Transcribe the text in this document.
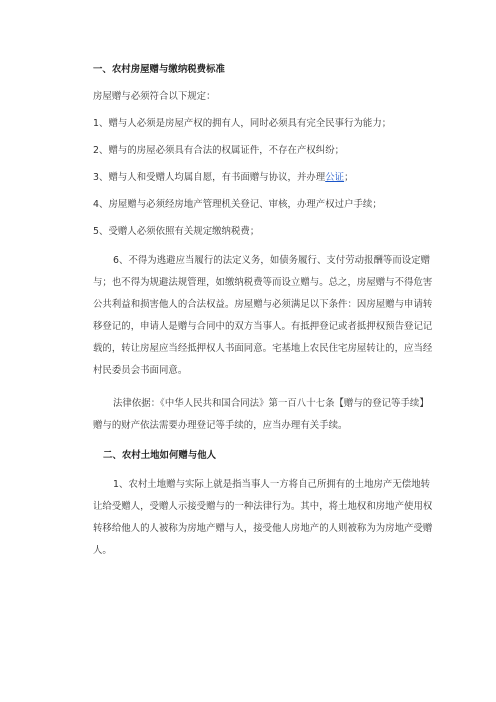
一、农村房屋赠与缴纳税费标准

房屋赠与必须符合以下规定：

1、赠与人必须是房屋产权的拥有人，同时必须具有完全民事行为能力；

2、赠与的房屋必须具有合法的权属证件，不存在产权纠纷；

3、赠与人和受赠人均属自愿，有书面赠与协议，并办理公证；

4、房屋赠与必须经房地产管理机关登记、审核，办理产权过户手续；

5、受赠人必须依照有关规定缴纳税费；

6、不得为逃避应当履行的法定义务，如债务履行、支付劳动报酬等而设定赠与；也不得为规避法规管理，如缴纳税费等而设立赠与。总之，房屋赠与不得危害公共利益和损害他人的合法权益。房屋赠与必须满足以下条件：因房屋赠与申请转移登记的，申请人是赠与合同中的双方当事人。有抵押登记或者抵押权预告登记记载的，转让房屋应当经抵押权人书面同意。宅基地上农民住宅房屋转让的，应当经村民委员会书面同意。

法律依据：《中华人民共和国合同法》第一百八十七条【赠与的登记等手续】赠与的财产依法需要办理登记等手续的，应当办理有关手续。

二、农村土地如何赠与他人

1、农村土地赠与实际上就是指当事人一方将自己所拥有的土地房产无偿地转让给受赠人，受赠人示接受赠与的一种法律行为。其中，将土地权和房地产使用权转移给他人的人被称为房地产赠与人，接受他人房地产的人则被称为为房地产受赠人。
